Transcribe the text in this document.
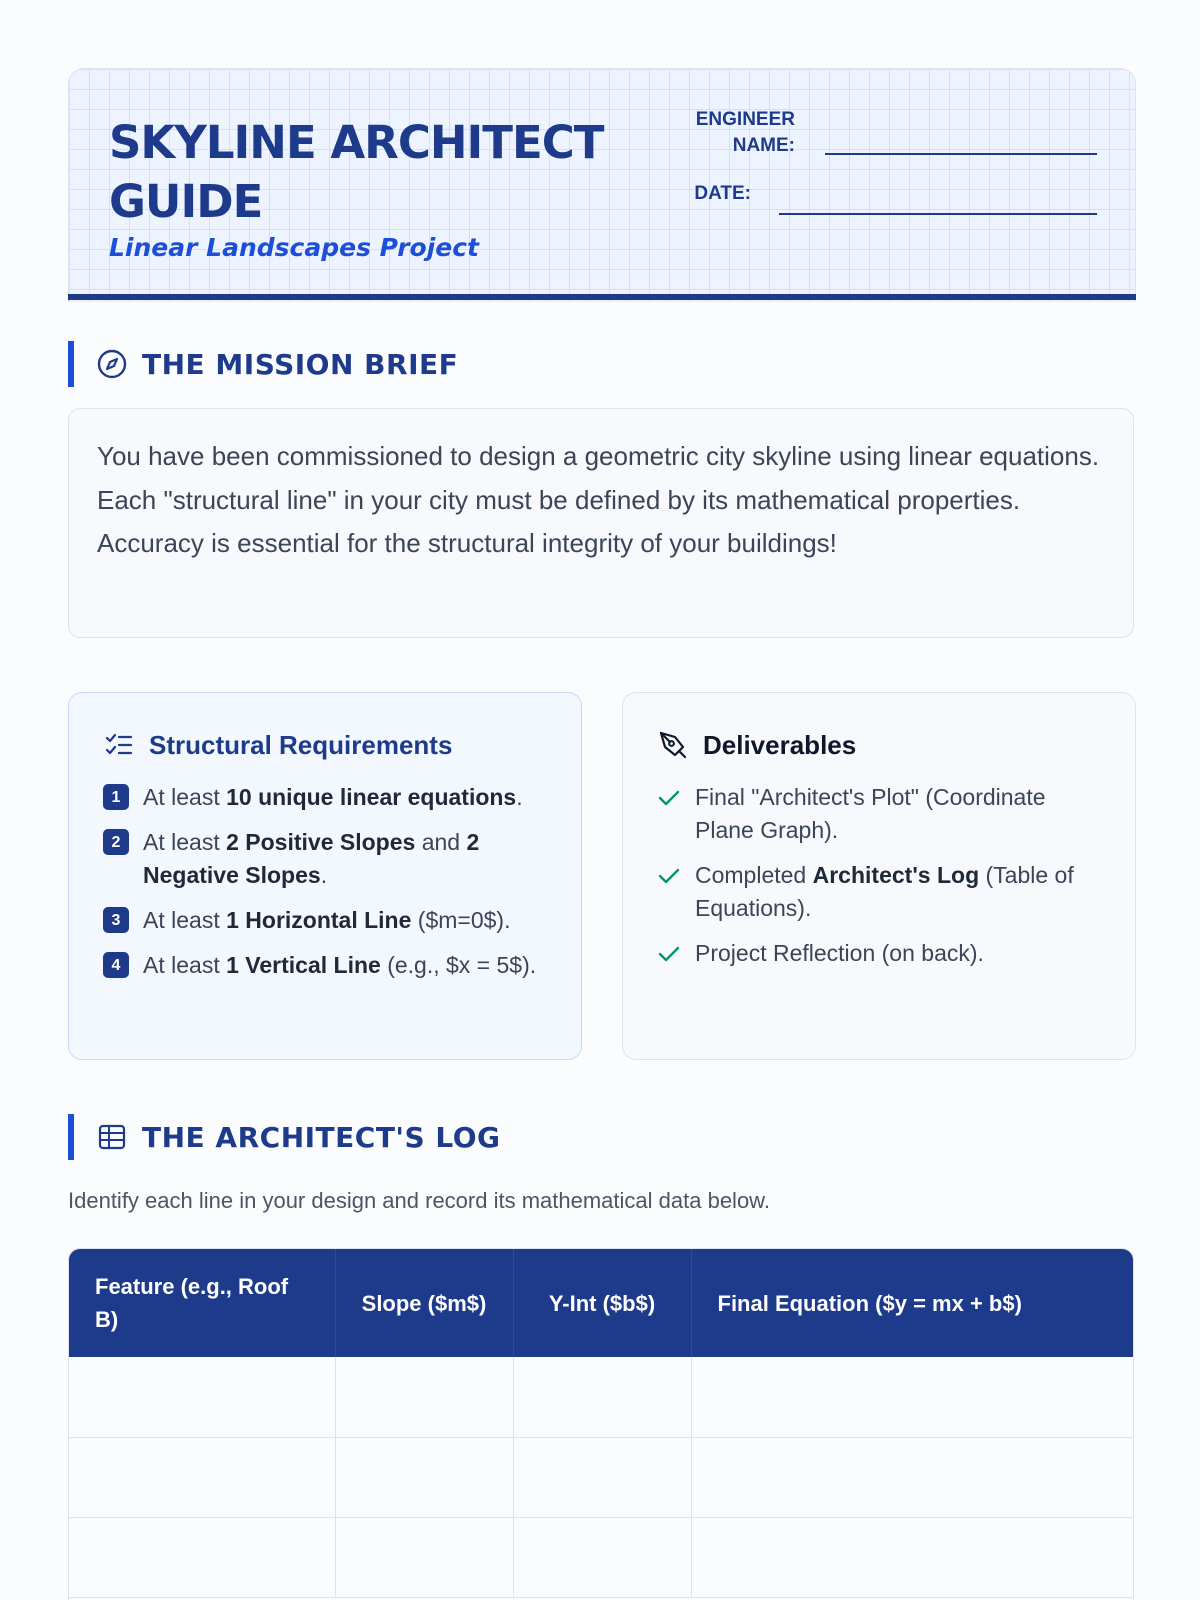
SKYLINE ARCHITECT GUIDE
Linear Landscapes Project
ENGINEER
NAME:
DATE:
THE MISSION BRIEF
You have been commissioned to design a geometric city skyline using linear equations. Each "structural line" in your city must be defined by its mathematical properties. Accuracy is essential for the structural integrity of your buildings!
Structural Requirements
1 At least 10 unique linear equations.
2 At least 2 Positive Slopes and 2 Negative Slopes.
3 At least 1 Horizontal Line ($m=0$).
4 At least 1 Vertical Line (e.g., $x = 5$).
Deliverables
Final "Architect's Plot" (Coordinate Plane Graph).
Completed Architect's Log (Table of Equations).
Project Reflection (on back).
THE ARCHITECT'S LOG
Identify each line in your design and record its mathematical data below.
Feature (e.g., Roof B)	Slope ($m$)	Y-Int ($b$)	Final Equation ($y = mx + b$)
